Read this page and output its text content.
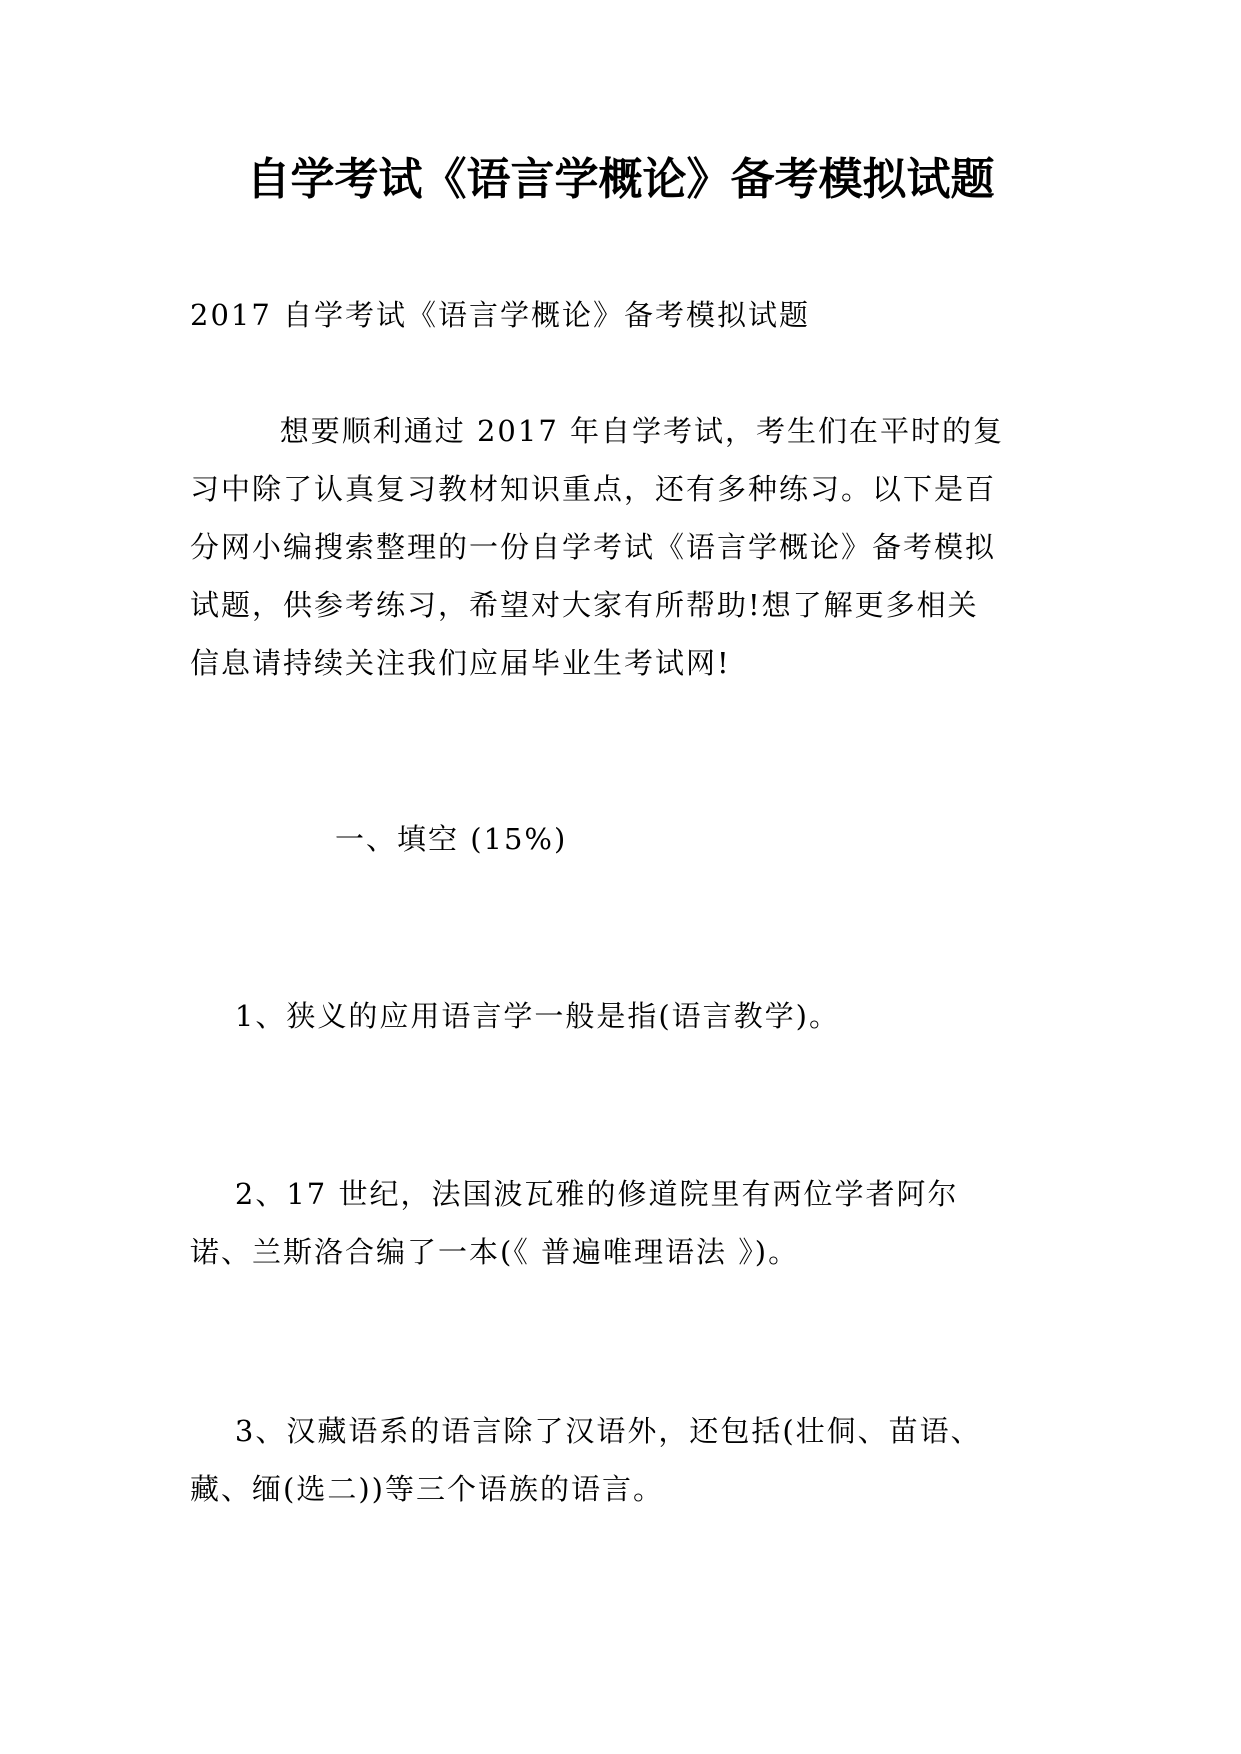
自学考试《语言学概论》备考模拟试题

2017 自学考试《语言学概论》备考模拟试题

想要顺利通过 2017 年自学考试，考生们在平时的复

习中除了认真复习教材知识重点，还有多种练习。以下是百

分网小编搜索整理的一份自学考试《语言学概论》备考模拟

试题，供参考练习，希望对大家有所帮助!想了解更多相关

信息请持续关注我们应届毕业生考试网!

一、填空 (15%)

1、狭义的应用语言学一般是指(语言教学)。

2、17 世纪，法国波瓦雅的修道院里有两位学者阿尔

诺、兰斯洛合编了一本(《 普遍唯理语法 》)。

3、汉藏语系的语言除了汉语外，还包括(壮侗、苗语、

藏、缅(选二))等三个语族的语言。
